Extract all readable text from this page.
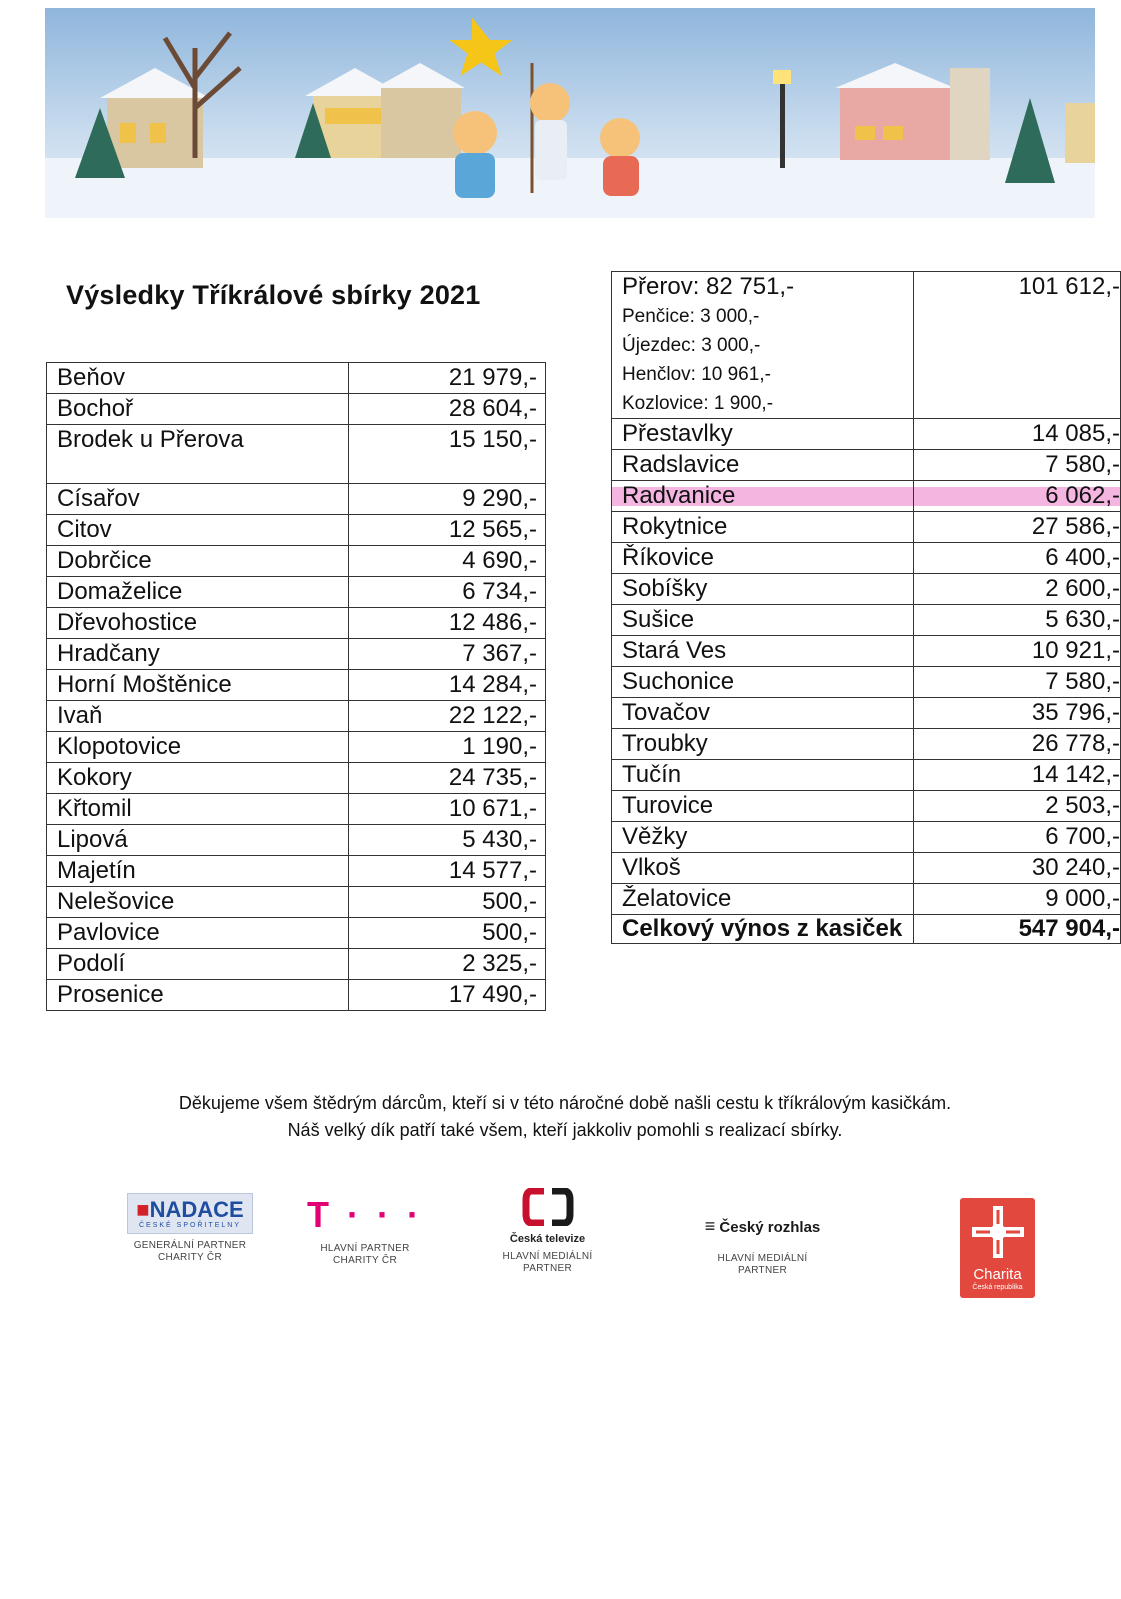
Výsledky Tříkrálové sbírky 2021
Beňov	21 979,-
Bochoř	28 604,-
Brodek u Přerova	15 150,-
Císařov	9 290,-
Citov	12 565,-
Dobrčice	4 690,-
Domaželice	6 734,-
Dřevohostice	12 486,-
Hradčany	7 367,-
Horní Moštěnice	14 284,-
Ivaň	22 122,-
Klopotovice	1 190,-
Kokory	24 735,-
Křtomil	10 671,-
Lipová	5 430,-
Majetín	14 577,-
Nelešovice	500,-
Pavlovice	500,-
Podolí	2 325,-
Prosenice	17 490,-
Přerov: 82 751,-
Penčice: 3 000,-
Újezdec: 3 000,-
Henčlov: 10 961,-
Kozlovice: 1 900,-	101 612,-
Přestavlky	14 085,-
Radslavice	7 580,-
Radvanice	6 062,-
Rokytnice	27 586,-
Říkovice	6 400,-
Sobíšky	2 600,-
Sušice	5 630,-
Stará Ves	10 921,-
Suchonice	7 580,-
Tovačov	35 796,-
Troubky	26 778,-
Tučín	14 142,-
Turovice	2 503,-
Věžky	6 700,-
Vlkoš	30 240,-
Želatovice	9 000,-
Celkový výnos z kasiček	547 904,-
Děkujeme všem štědrým dárcům, kteří si v této náročné době našli cestu k tříkrálovým kasičkám.
Náš velký dík patří také všem, kteří jakkoliv pomohli s realizací sbírky.
■NADACE
ČESKÉ SPOŘITELNY
GENERÁLNÍ PARTNER
CHARITY ČR
T · · ·
HLAVNÍ PARTNER
CHARITY ČR
Česká televize
HLAVNÍ MEDIÁLNÍ
PARTNER
≡ Český rozhlas
HLAVNÍ MEDIÁLNÍ
PARTNER	Charita
Česká republika
